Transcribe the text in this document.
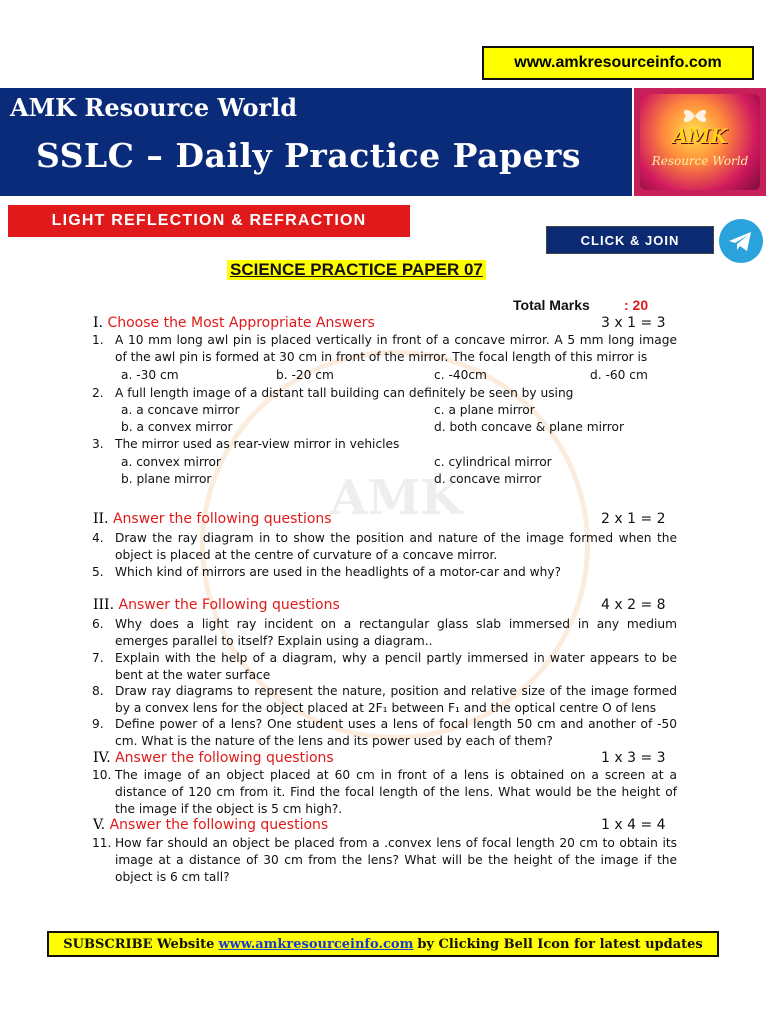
AMK
www.amkresourceinfo.com
AMK Resource World
SSLC – Daily Practice Papers	AMK
Resource World
LIGHT REFLECTION & REFRACTION
CLICK & JOIN
SCIENCE PRACTICE PAPER 07
Total Marks : 20
I. Choose the Most Appropriate Answers	3 x 1 = 3
1. A 10 mm long awl pin is placed vertically in front of a concave mirror. A 5 mm long image of the awl pin is formed at 30 cm in front of the mirror. The focal length of this mirror is
a. -30 cm	b. -20 cm	c. -40cm	d. -60 cm
2. A full length image of a distant tall building can definitely be seen by using
a. a concave mirror	c. a plane mirror
b. a convex mirror	d. both concave & plane mirror
3. The mirror used as rear-view mirror in vehicles
a. convex mirror	c. cylindrical mirror
b. plane mirror	d. concave mirror
II. Answer the following questions	2 x 1 = 2
4. Draw the ray diagram in to show the position and nature of the image formed when the object is placed at the centre of curvature of a concave mirror.
5. Which kind of mirrors are used in the headlights of a motor-car and why?
III. Answer the Following questions	4 x 2 = 8
6. Why does a light ray incident on a rectangular glass slab immersed in any medium emerges parallel to itself? Explain using a diagram..
7. Explain with the help of a diagram, why a pencil partly immersed in water appears to be bent at the water surface
8. Draw ray diagrams to represent the nature, position and relative size of the image formed by a convex lens for the object placed at 2F₁ between F₁ and the optical centre O of lens
9. Define power of a lens? One student uses a lens of focal length 50 cm and another of -50 cm. What is the nature of the lens and its power used by each of them?
IV. Answer the following questions	1 x 3 = 3
10. The image of an object placed at 60 cm in front of a lens is obtained on a screen at a distance of 120 cm from it. Find the focal length of the lens. What would be the height of the image if the object is 5 cm high?.
V. Answer the following questions	1 x 4 = 4
11. How far should an object be placed from a .convex lens of focal length 20 cm to obtain its image at a distance of 30 cm from the lens? What will be the height of the image if the object is 6 cm tall?
SUBSCRIBE Website www.amkresourceinfo.com by Clicking Bell Icon for latest updates
